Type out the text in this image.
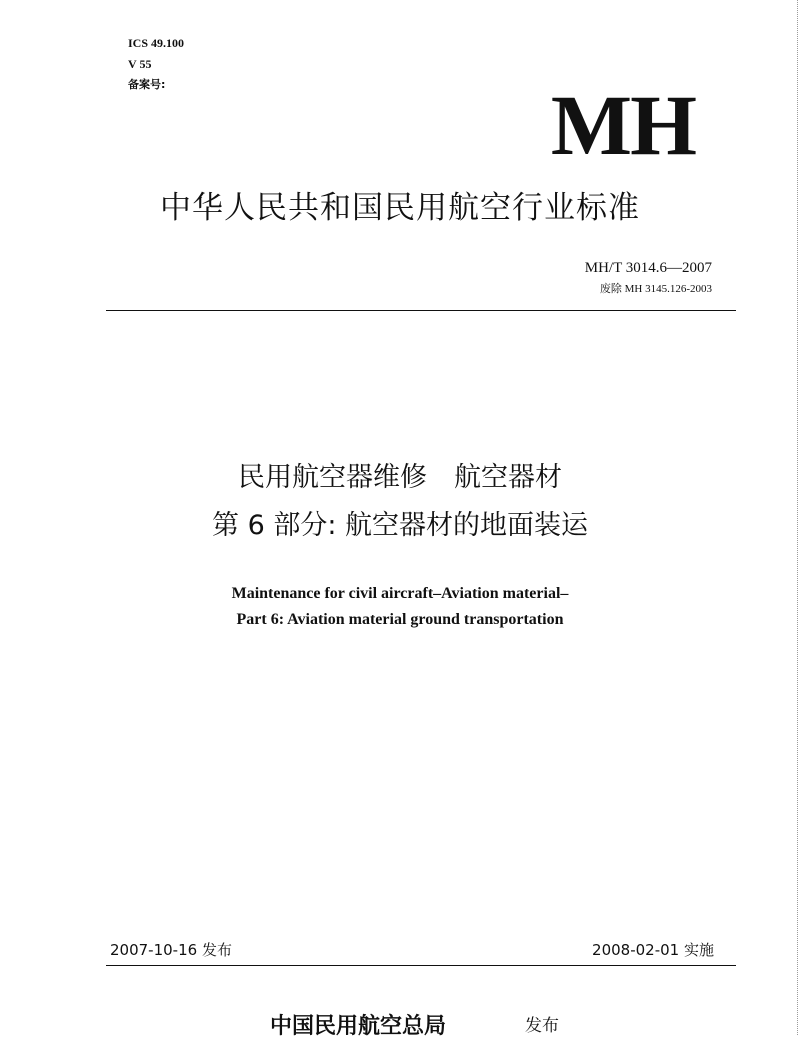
ICS 49.100
V 55
备案号:	MH
中华人民共和国民用航空行业标准
MH/T 3014.6—2007
废除 MH 3145.126-2003
民用航空器维修　航空器材
第 6 部分: 航空器材的地面装运
Maintenance for civil aircraft–Aviation material–
Part 6: Aviation material ground transportation
2007-10-16 发布	2008-02-01 实施
中国民用航空总局	发布
